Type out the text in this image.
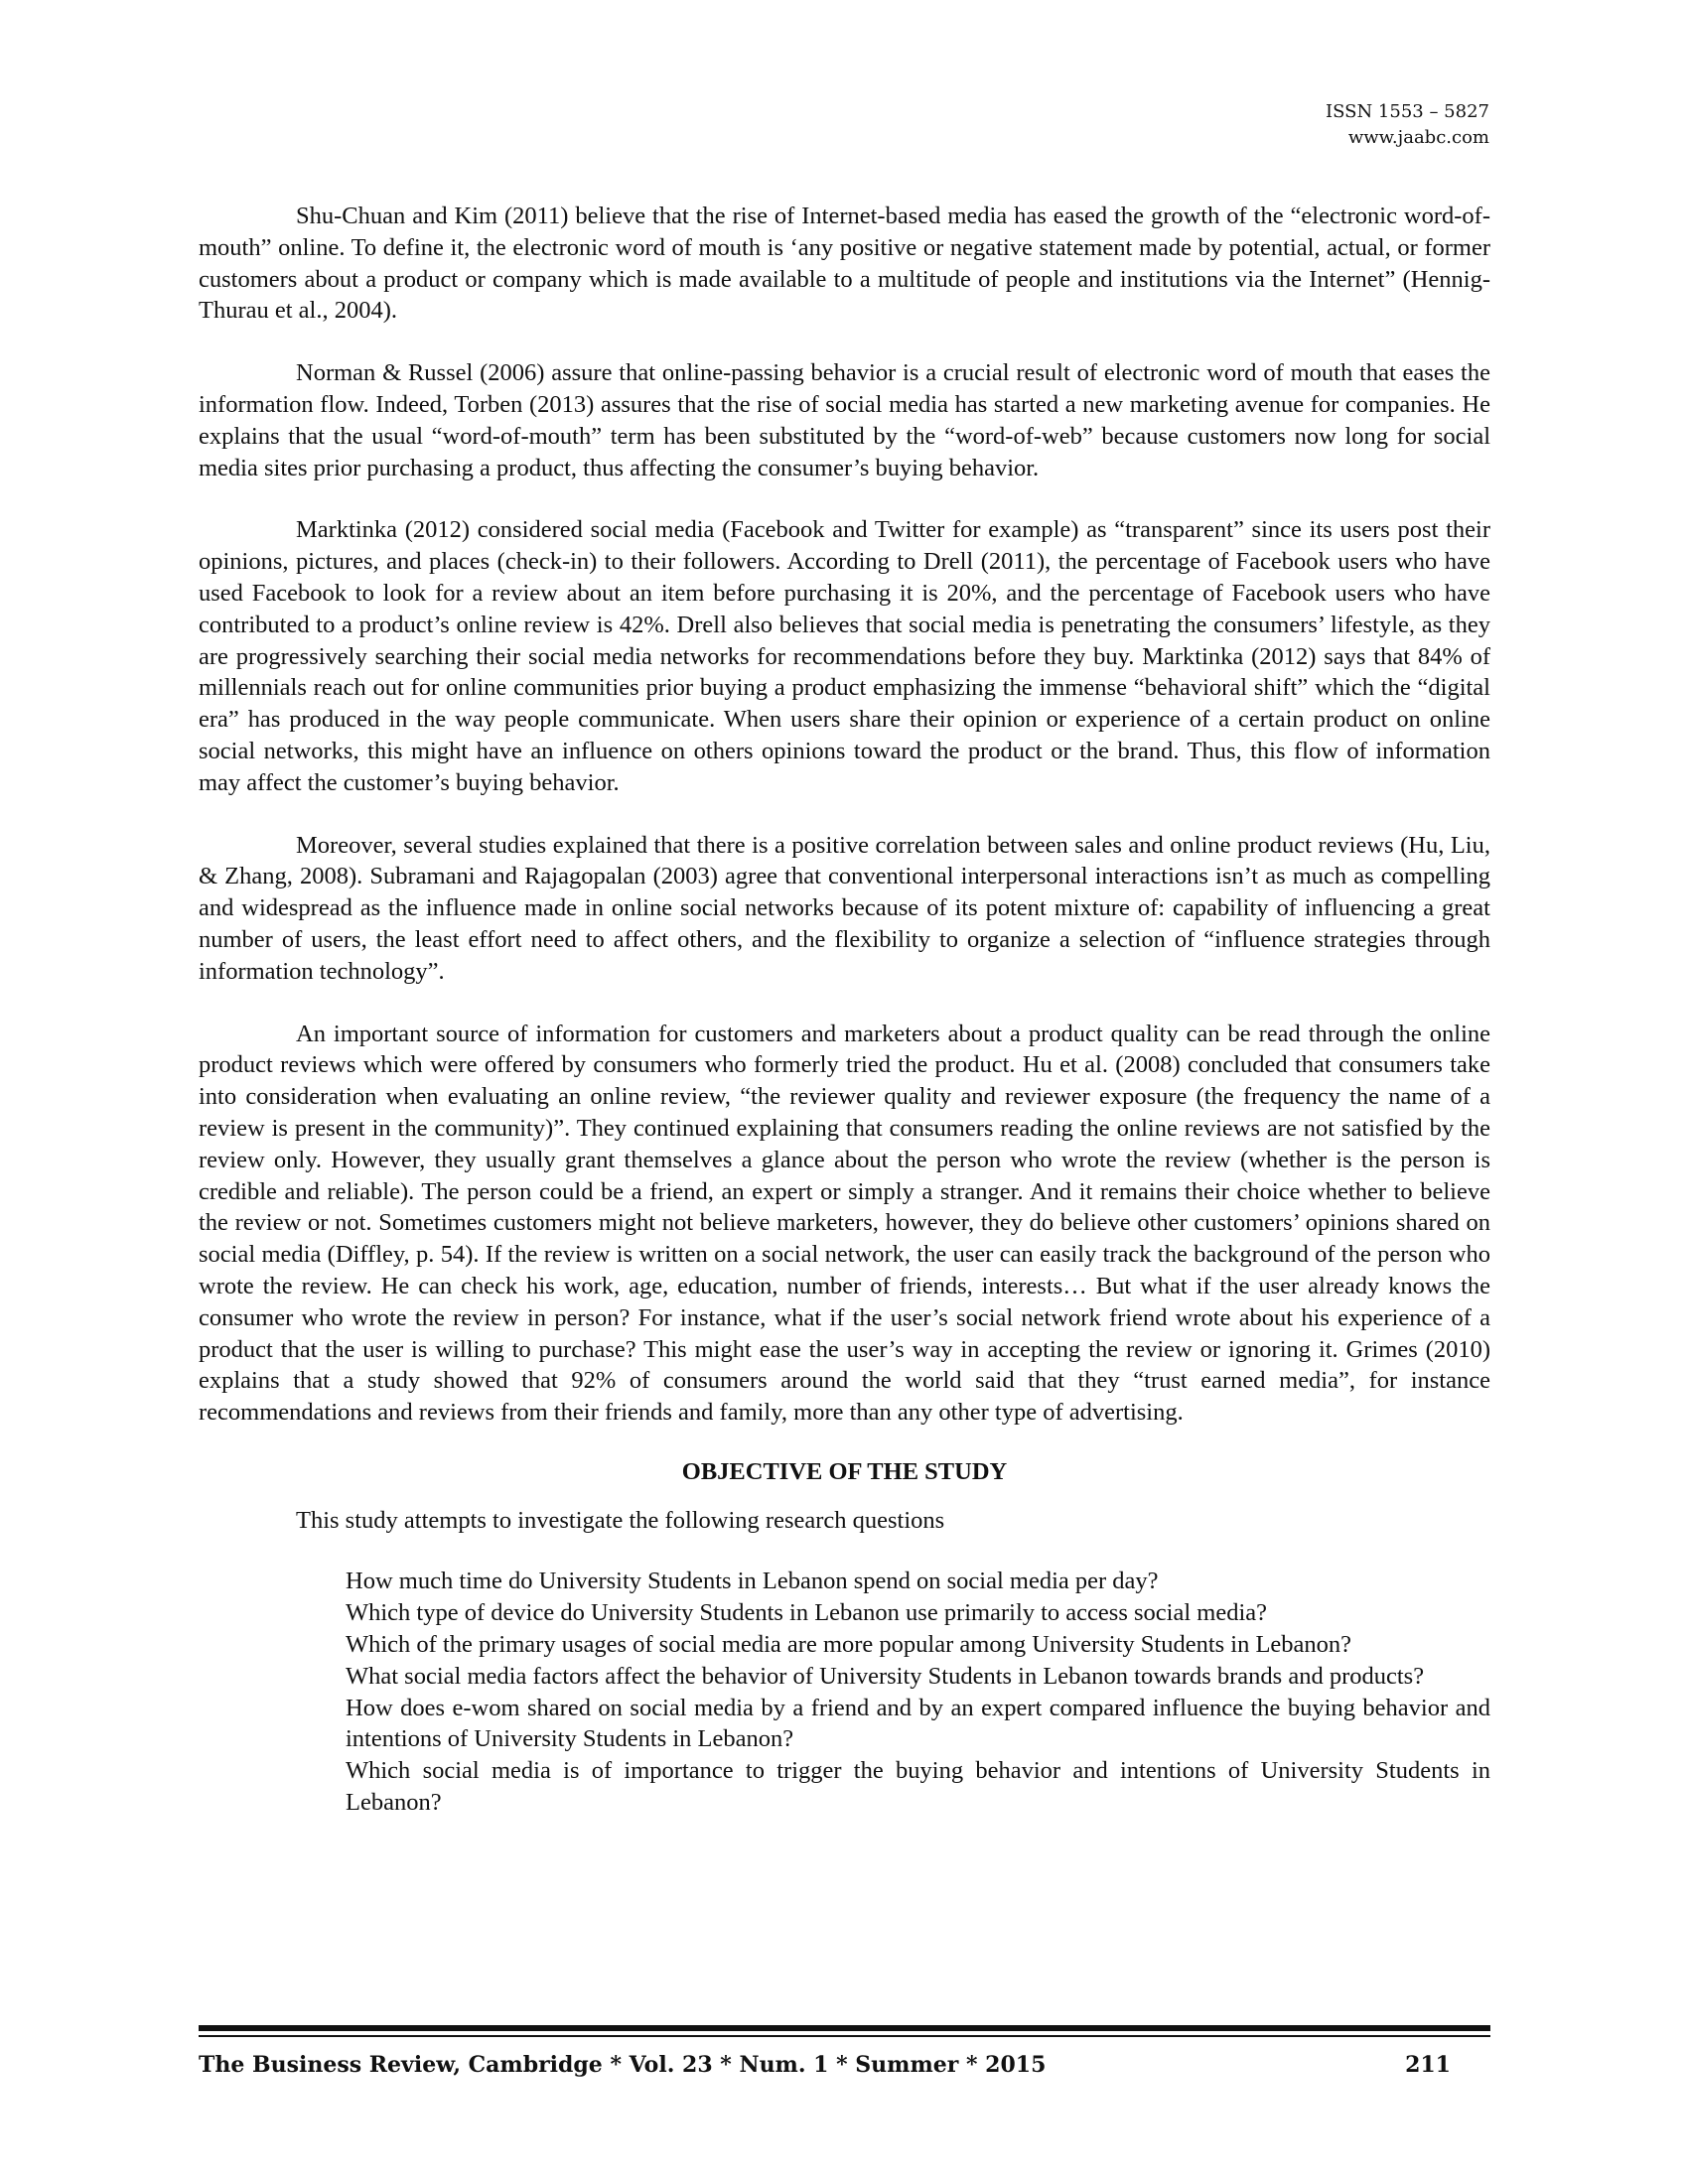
ISSN 1553 – 5827
www.jaabc.com

Shu-Chuan and Kim (2011) believe that the rise of Internet-based media has eased the growth of the “electronic word-of-mouth” online. To define it, the electronic word of mouth is ‘any positive or negative statement made by potential, actual, or former customers about a product or company which is made available to a multitude of people and institutions via the Internet” (Hennig-Thurau et al., 2004).

Norman & Russel (2006) assure that online-passing behavior is a crucial result of electronic word of mouth that eases the information flow. Indeed, Torben (2013) assures that the rise of social media has started a new marketing avenue for companies. He explains that the usual “word-of-mouth” term has been substituted by the “word-of-web” because customers now long for social media sites prior purchasing a product, thus affecting the consumer’s buying behavior.

Marktinka (2012) considered social media (Facebook and Twitter for example) as “transparent” since its users post their opinions, pictures, and places (check-in) to their followers. According to Drell (2011), the percentage of Facebook users who have used Facebook to look for a review about an item before purchasing it is 20%, and the percentage of Facebook users who have contributed to a product’s online review is 42%. Drell also believes that social media is penetrating the consumers’ lifestyle, as they are progressively searching their social media networks for recommendations before they buy. Marktinka (2012) says that 84% of millennials reach out for online communities prior buying a product emphasizing the immense “behavioral shift” which the “digital era” has produced in the way people communicate. When users share their opinion or experience of a certain product on online social networks, this might have an influence on others opinions toward the product or the brand. Thus, this flow of information may affect the customer’s buying behavior.

Moreover, several studies explained that there is a positive correlation between sales and online product reviews (Hu, Liu, & Zhang, 2008). Subramani and Rajagopalan (2003) agree that conventional interpersonal interactions isn’t as much as compelling and widespread as the influence made in online social networks because of its potent mixture of: capability of influencing a great number of users, the least effort need to affect others, and the flexibility to organize a selection of “influence strategies through information technology”.

An important source of information for customers and marketers about a product quality can be read through the online product reviews which were offered by consumers who formerly tried the product. Hu et al. (2008) concluded that consumers take into consideration when evaluating an online review, “the reviewer quality and reviewer exposure (the frequency the name of a review is present in the community)”. They continued explaining that consumers reading the online reviews are not satisfied by the review only. However, they usually grant themselves a glance about the person who wrote the review (whether is the person is credible and reliable). The person could be a friend, an expert or simply a stranger. And it remains their choice whether to believe the review or not. Sometimes customers might not believe marketers, however, they do believe other customers’ opinions shared on social media (Diffley, p. 54). If the review is written on a social network, the user can easily track the background of the person who wrote the review. He can check his work, age, education, number of friends, interests… But what if the user already knows the consumer who wrote the review in person? For instance, what if the user’s social network friend wrote about his experience of a product that the user is willing to purchase? This might ease the user’s way in accepting the review or ignoring it. Grimes (2010) explains that a study showed that 92% of consumers around the world said that they “trust earned media”, for instance recommendations and reviews from their friends and family, more than any other type of advertising.

OBJECTIVE OF THE STUDY

This study attempts to investigate the following research questions

How much time do University Students in Lebanon spend on social media per day?
Which type of device do University Students in Lebanon use primarily to access social media?
Which of the primary usages of social media are more popular among University Students in Lebanon?
What social media factors affect the behavior of University Students in Lebanon towards brands and products?
How does e-wom shared on social media by a friend and by an expert compared influence the buying behavior and intentions of University Students in Lebanon?
Which social media is of importance to trigger the buying behavior and intentions of University Students in Lebanon?
The Business Review, Cambridge * Vol. 23 * Num. 1 * Summer * 2015	211
